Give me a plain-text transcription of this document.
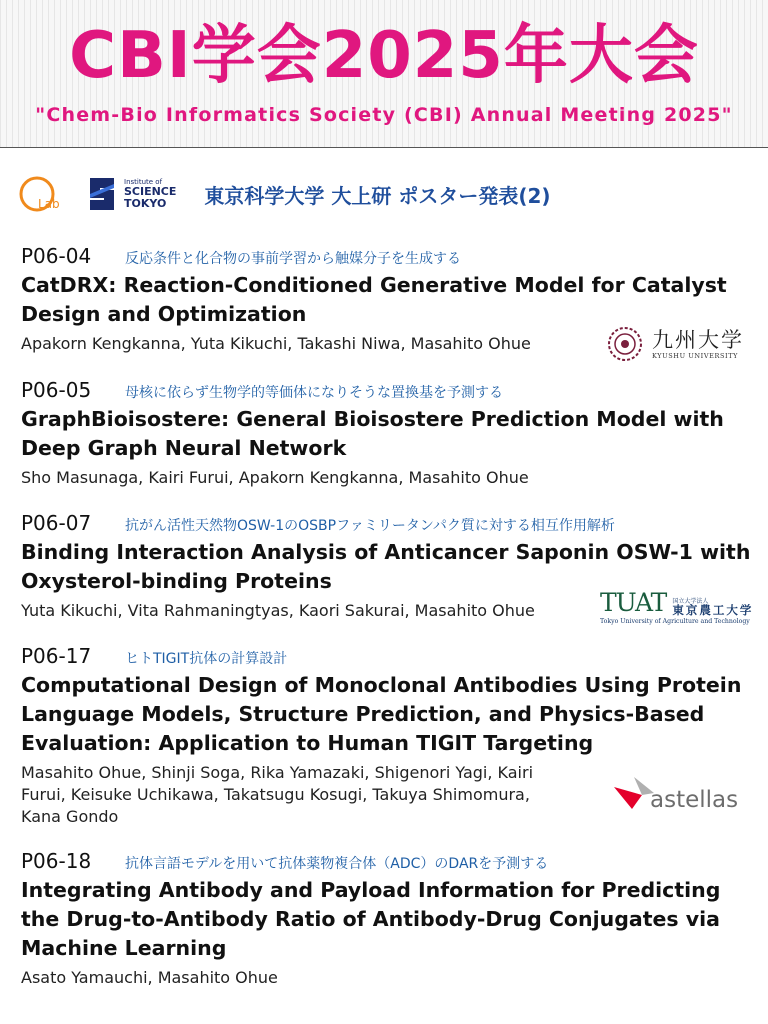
CBI学会2025年大会
"Chem-Bio Informatics Society (CBI) Annual Meeting 2025"
Lab
Institute of
SCIENCE
TOKYO	東京科学大学 大上研 ポスター発表(2)
P06-04	反応条件と化合物の事前学習から触媒分子を生成する
CatDRX: Reaction-Conditioned Generative Model for Catalyst Design and Optimization
Apakorn Kengkanna, Yuta Kikuchi, Takashi Niwa, Masahito Ohue
P06-05	母核に依らず生物学的等価体になりそうな置換基を予測する
GraphBioisostere: General Bioisostere Prediction Model with Deep Graph Neural Network
Sho Masunaga, Kairi Furui, Apakorn Kengkanna, Masahito Ohue
P06-07	抗がん活性天然物OSW-1のOSBPファミリータンパク質に対する相互作用解析
Binding Interaction Analysis of Anticancer Saponin OSW-1 with Oxysterol-binding Proteins
Yuta Kikuchi, Vita Rahmaningtyas, Kaori Sakurai, Masahito Ohue
P06-17	ヒトTIGIT抗体の計算設計
Computational Design of Monoclonal Antibodies Using Protein Language Models, Structure Prediction, and Physics-Based Evaluation: Application to Human TIGIT Targeting
Masahito Ohue, Shinji Soga, Rika Yamazaki, Shigenori Yagi, Kairi Furui, Keisuke Uchikawa, Takatsugu Kosugi, Takuya Shimomura, Kana Gondo
P06-18	抗体言語モデルを用いて抗体薬物複合体（ADC）のDARを予測する
Integrating Antibody and Payload Information for Predicting the Drug-to-Antibody Ratio of Antibody-Drug Conjugates via Machine Learning
Asato Yamauchi, Masahito Ohue
九州大学
KYUSHU UNIVERSITY
TUAT 国立大学法人
東京農工大学
Tokyo University of Agriculture and Technology
astellas
